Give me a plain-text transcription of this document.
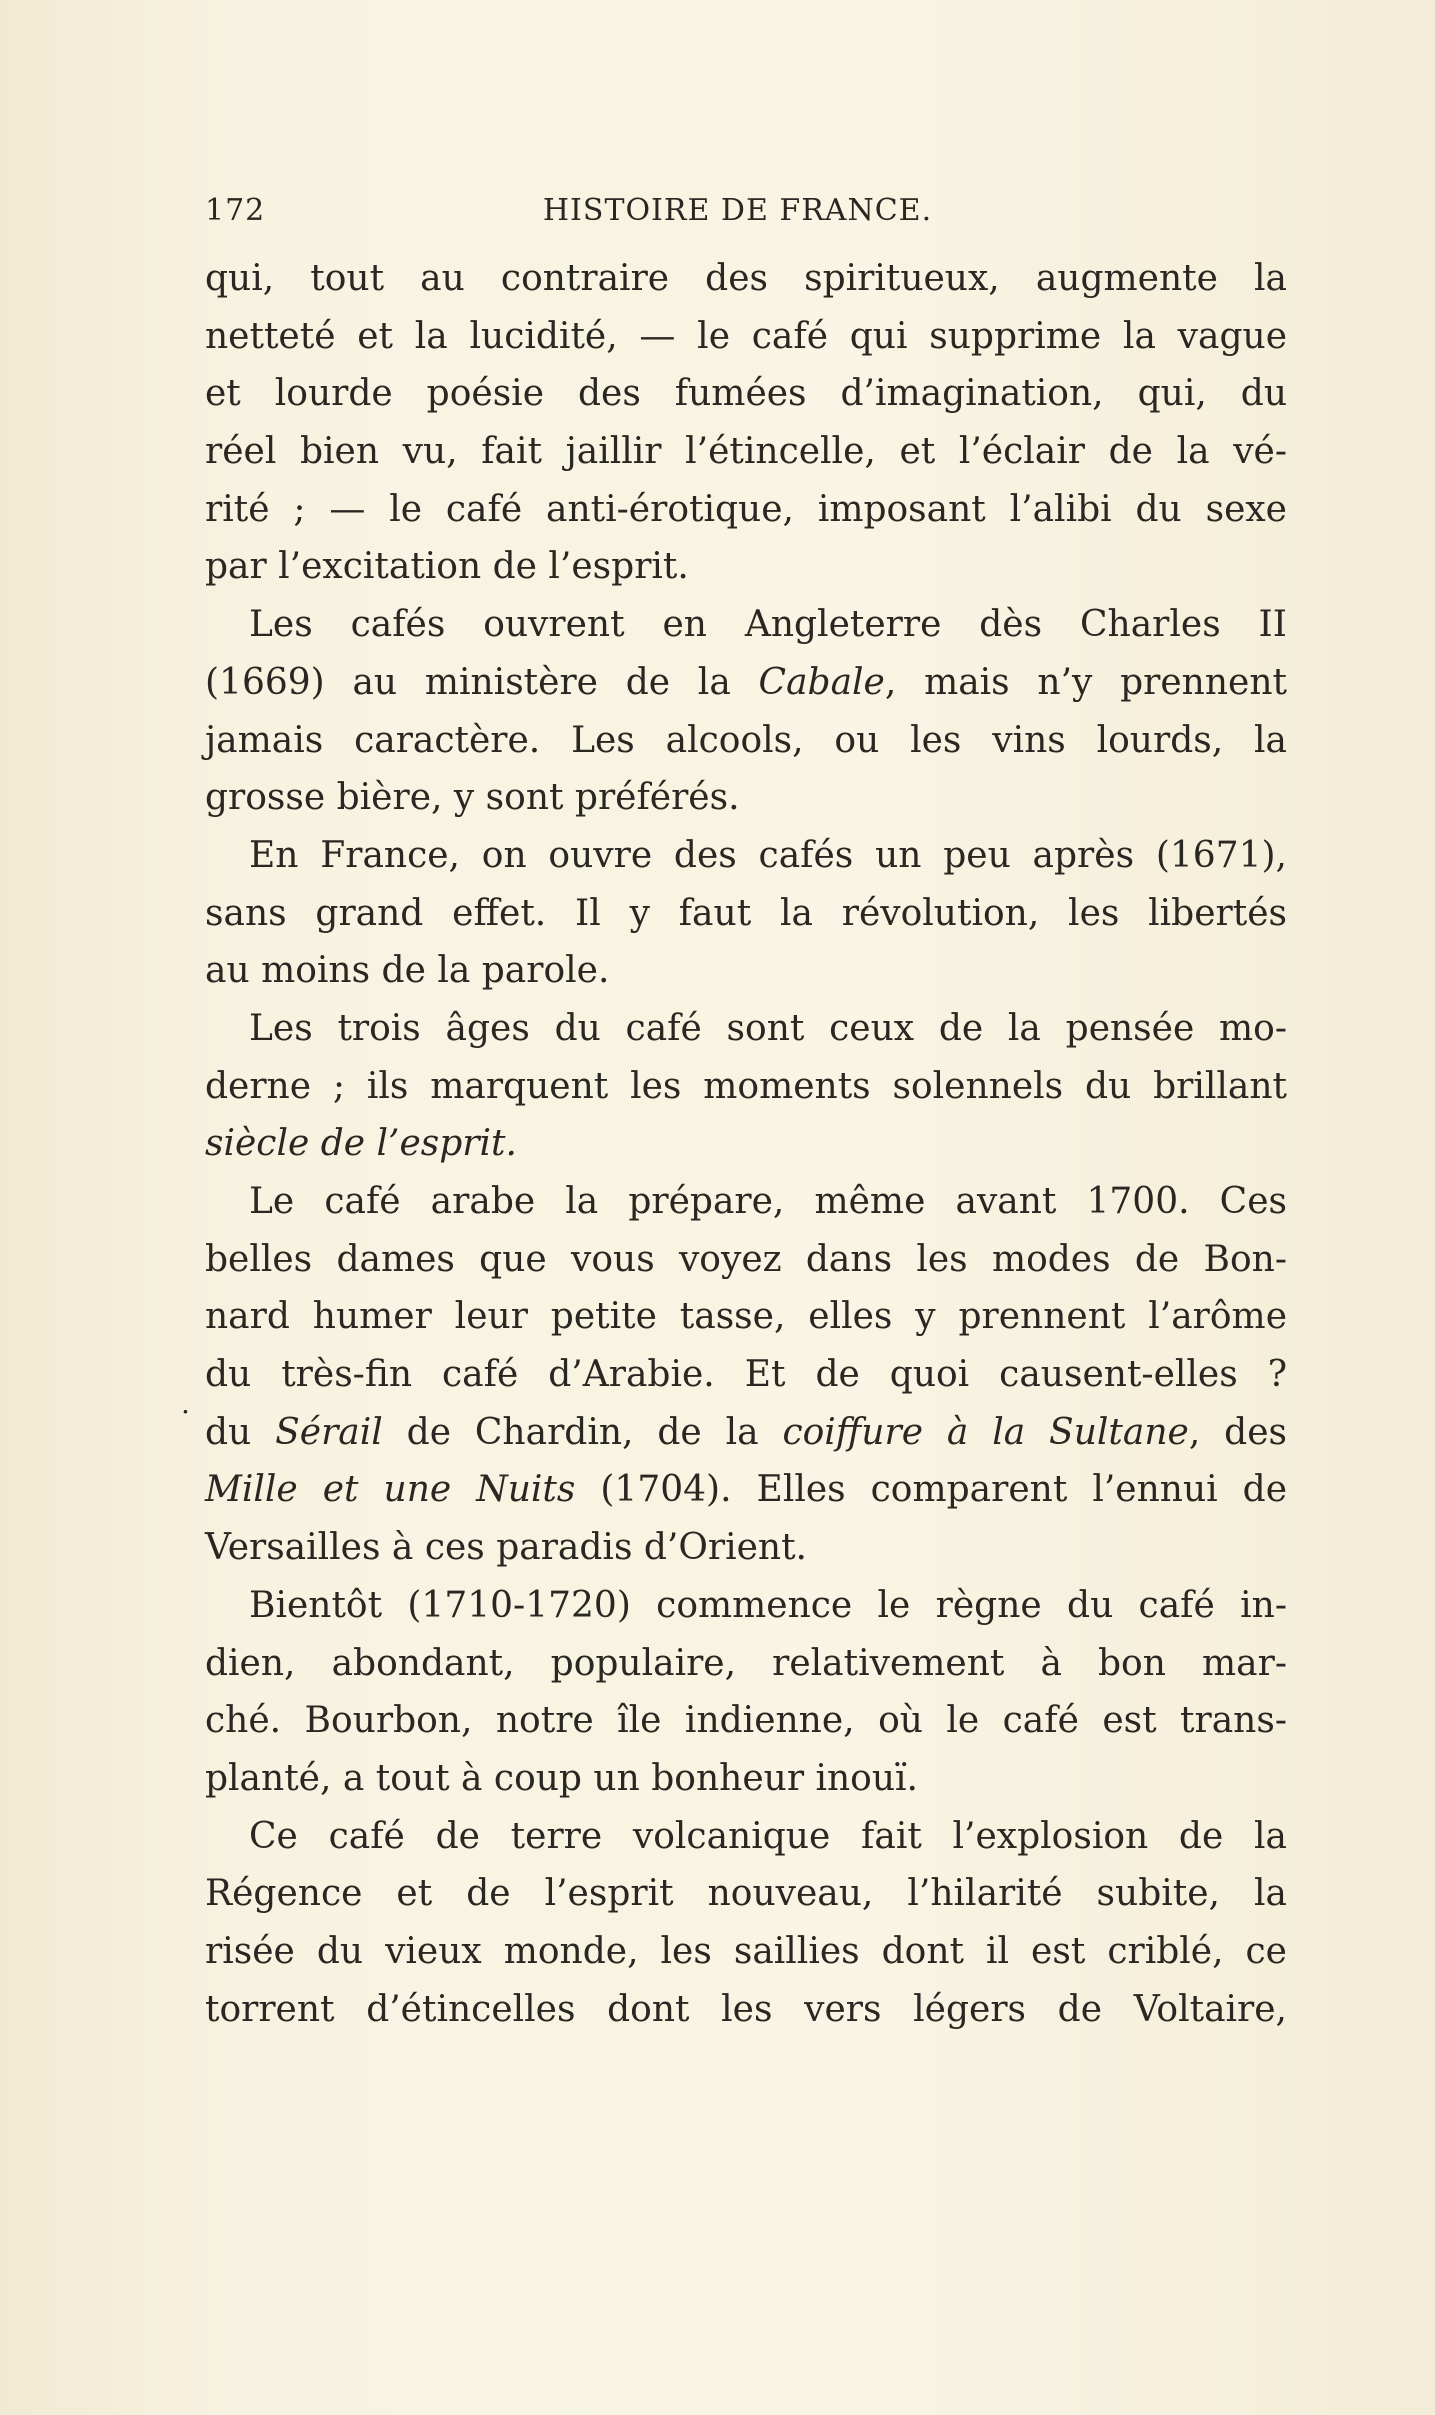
172	HISTOIRE DE FRANCE.
.
qui, tout au contraire des spiritueux, augmente la
netteté et la lucidité, — le café qui supprime la vague
et lourde poésie des fumées d’imagination, qui, du
réel bien vu, fait jaillir l’étincelle, et l’éclair de la vé-
rité ; — le café anti-érotique, imposant l’alibi du sexe
par l’excitation de l’esprit.
Les cafés ouvrent en Angleterre dès Charles II
(1669) au ministère de la Cabale, mais n’y prennent
jamais caractère. Les alcools, ou les vins lourds, la
grosse bière, y sont préférés.
En France, on ouvre des cafés un peu après (1671),
sans grand effet. Il y faut la révolution, les libertés
au moins de la parole.
Les trois âges du café sont ceux de la pensée mo-
derne ; ils marquent les moments solennels du brillant
siècle de l’esprit.
Le café arabe la prépare, même avant 1700. Ces
belles dames que vous voyez dans les modes de Bon-
nard humer leur petite tasse, elles y prennent l’arôme
du très-fin café d’Arabie. Et de quoi causent-elles ?
du Sérail de Chardin, de la coiffure à la Sultane, des
Mille et une Nuits (1704). Elles comparent l’ennui de
Versailles à ces paradis d’Orient.
Bientôt (1710-1720) commence le règne du café in-
dien, abondant, populaire, relativement à bon mar-
ché. Bourbon, notre île indienne, où le café est trans-
planté, a tout à coup un bonheur inouï.
Ce café de terre volcanique fait l’explosion de la
Régence et de l’esprit nouveau, l’hilarité subite, la
risée du vieux monde, les saillies dont il est criblé, ce
torrent d’étincelles dont les vers légers de Voltaire,
